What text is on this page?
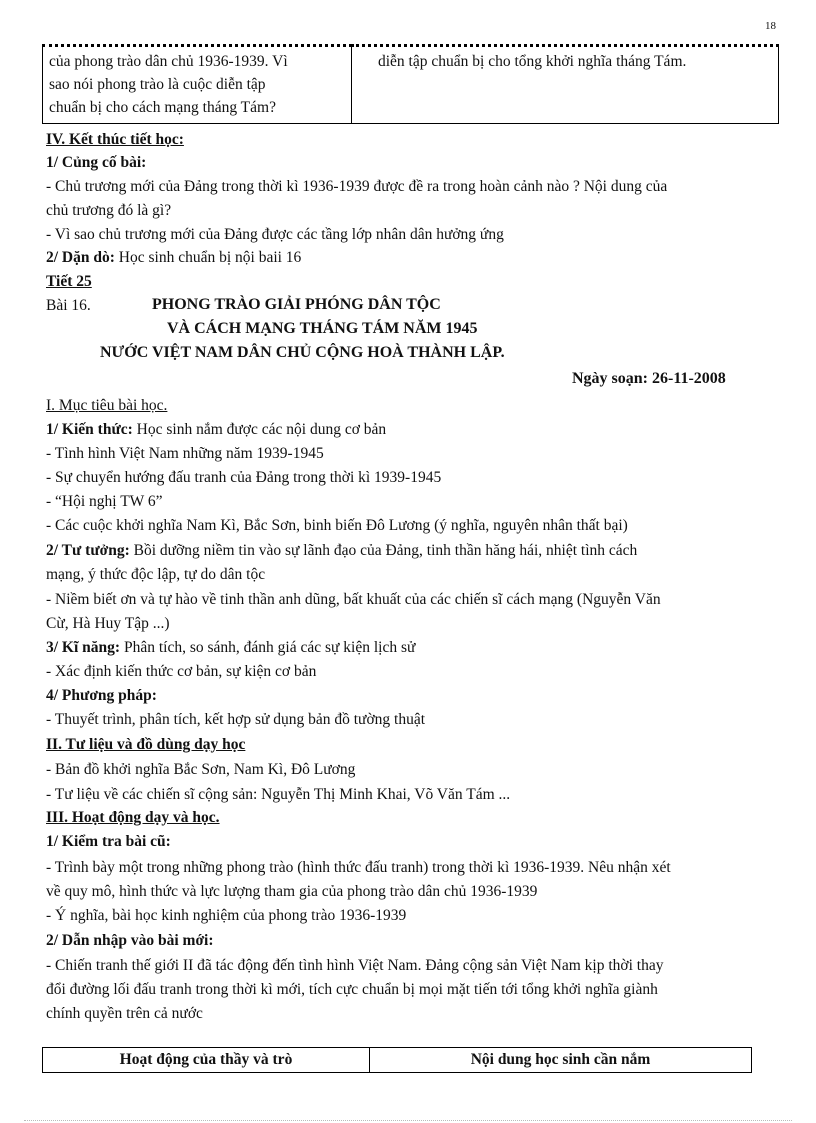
18
của phong trào dân chủ 1936-1939. Vì
sao nói phong trào là cuộc diễn tập
chuẩn bị cho cách mạng tháng Tám?
	diễn tập chuẩn bị cho tổng khởi nghĩa tháng Tám.
IV. Kết thúc tiết học:
1/ Củng cố bài:
- Chủ trương mới của Đảng trong thời kì 1936-1939 được đề ra trong hoàn cảnh nào ? Nội dung của
chủ trương đó là gì?
- Vì sao chủ trương mới của Đảng được các tầng lớp nhân dân hưởng ứng
2/ Dặn dò: Học sinh chuẩn bị nội baii 16
Tiết 25
Bài 16.	PHONG TRÀO GIẢI PHÓNG DÂN TỘC
VÀ CÁCH MẠNG THÁNG TÁM NĂM 1945
NƯỚC VIỆT NAM DÂN CHỦ CỘNG HOÀ THÀNH LẬP.
Ngày soạn: 26-11-2008
I. Mục tiêu bài học.
1/ Kiến thức: Học sinh nắm được các nội dung cơ bản
- Tình hình Việt Nam những năm 1939-1945
- Sự chuyển hướng đấu tranh của Đảng trong thời kì 1939-1945
- “Hội nghị TW 6”
- Các cuộc khởi nghĩa Nam Kì, Bắc Sơn, binh biến Đô Lương (ý nghĩa, nguyên nhân thất bại)
2/ Tư tưởng: Bồi dưỡng niềm tin vào sự lãnh đạo của Đảng, tinh thần hăng hái, nhiệt tình cách
mạng, ý thức độc lập, tự do dân tộc
- Niềm biết ơn và tự hào về tinh thần anh dũng, bất khuất của các chiến sĩ cách mạng (Nguyễn Văn
Cừ, Hà Huy Tập ...)
3/ Kĩ năng: Phân tích, so sánh, đánh giá các sự kiện lịch sử
- Xác định kiến thức cơ bản, sự kiện cơ bản
4/ Phương pháp:
- Thuyết trình, phân tích, kết hợp sử dụng bản đồ tường thuật
II. Tư liệu và đồ dùng dạy học
- Bản đồ khởi nghĩa Bắc Sơn, Nam Kì, Đô Lương
- Tư liệu về các chiến sĩ cộng sản: Nguyễn Thị Minh Khai, Võ Văn Tám ...
III. Hoạt động dạy và học.
1/ Kiểm tra bài cũ:
- Trình bày một trong những phong trào (hình thức đấu tranh) trong thời kì 1936-1939. Nêu nhận xét
về quy mô, hình thức và lực lượng tham gia của phong trào dân chủ 1936-1939
- Ý nghĩa, bài học kinh nghiệm của phong trào 1936-1939
2/ Dẫn nhập vào bài mới:
- Chiến tranh thế giới II đã tác động đến tình hình Việt Nam. Đảng cộng sản Việt Nam kịp thời thay
đổi đường lối đấu tranh trong thời kì mới, tích cực chuẩn bị mọi mặt tiến tới tổng khởi nghĩa giành
chính quyền trên cả nước
Hoạt động của thầy và trò	Nội dung học sinh cần nắm
